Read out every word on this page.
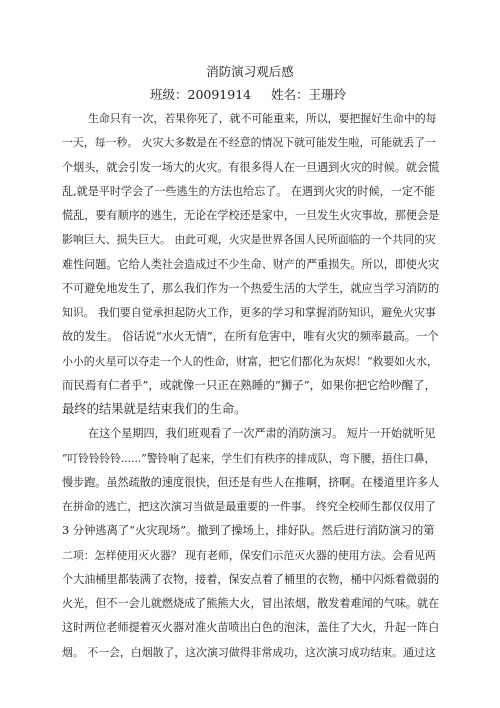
消防演习观后感
班级：20091914 姓名：王珊玲
生命只有一次，若果你死了，就不可能重来，所以，要把握好生命中的每
一天，每一秒。 火灾大多数是在不经意的情况下就可能发生啦，可能就丢了一
个烟头，就会引发一场大的火灾。有很多得人在一旦遇到火灾的时候。就会慌
乱,就是平时学会了一些逃生的方法也给忘了。 在遇到火灾的时候，一定不能
慌乱，要有顺序的逃生，无论在学校还是家中，一旦发生火灾事故，那便会是
影响巨大、损失巨大。 由此可观，火灾是世界各国人民所面临的一个共同的灾
难性问题。它给人类社会造成过不少生命、财产的严重损失。所以，即使火灾
不可避免地发生了，那么我们作为一个热爱生活的大学生，就应当学习消防的
知识。 我们要自觉承担起防火工作，更多的学习和掌握消防知识，避免火灾事
故的发生。 俗话说“水火无情”，在所有危害中，唯有火灾的频率最高。一个
小小的火星可以夺走一个人的性命，财富，把它们都化为灰烬！“救要如火水，
而民焉有仁者乎”，或就像一只正在熟睡的“狮子”，如果你把它给吵醒了，
最终的结果就是结束我们的生命。
在这个星期四，我们班观看了一次严肃的消防演习。 短片一开始就听见
“叮铃铃铃铃......”警铃响了起来，学生们有秩序的排成队，弯下腰，捂住口鼻，
慢步跑。虽然疏散的速度很快，但还是有些人在推啊，挤啊。在楼道里许多人
在拼命的逃亡，把这次演习当做是最重要的一件事。 终究全校师生都仅仅用了
3 分钟逃离了“火灾现场”。撤到了操场上，排好队。然后进行消防演习的第
二项：怎样使用灭火器？ 现有老师，保安们示范灭火器的使用方法。会看见两
个大油桶里都装满了衣物，接着，保安点着了桶里的衣物，桶中闪烁着微弱的
火光，但不一会儿就燃烧成了熊熊大火，冒出浓烟，散发着难闻的气味。就在
这时两位老师提着灭火器对准火苗喷出白色的泡沫，盖住了大火，升起一阵白
烟。 不一会，白烟散了，这次演习做得非常成功，这次演习成功结束。通过这
